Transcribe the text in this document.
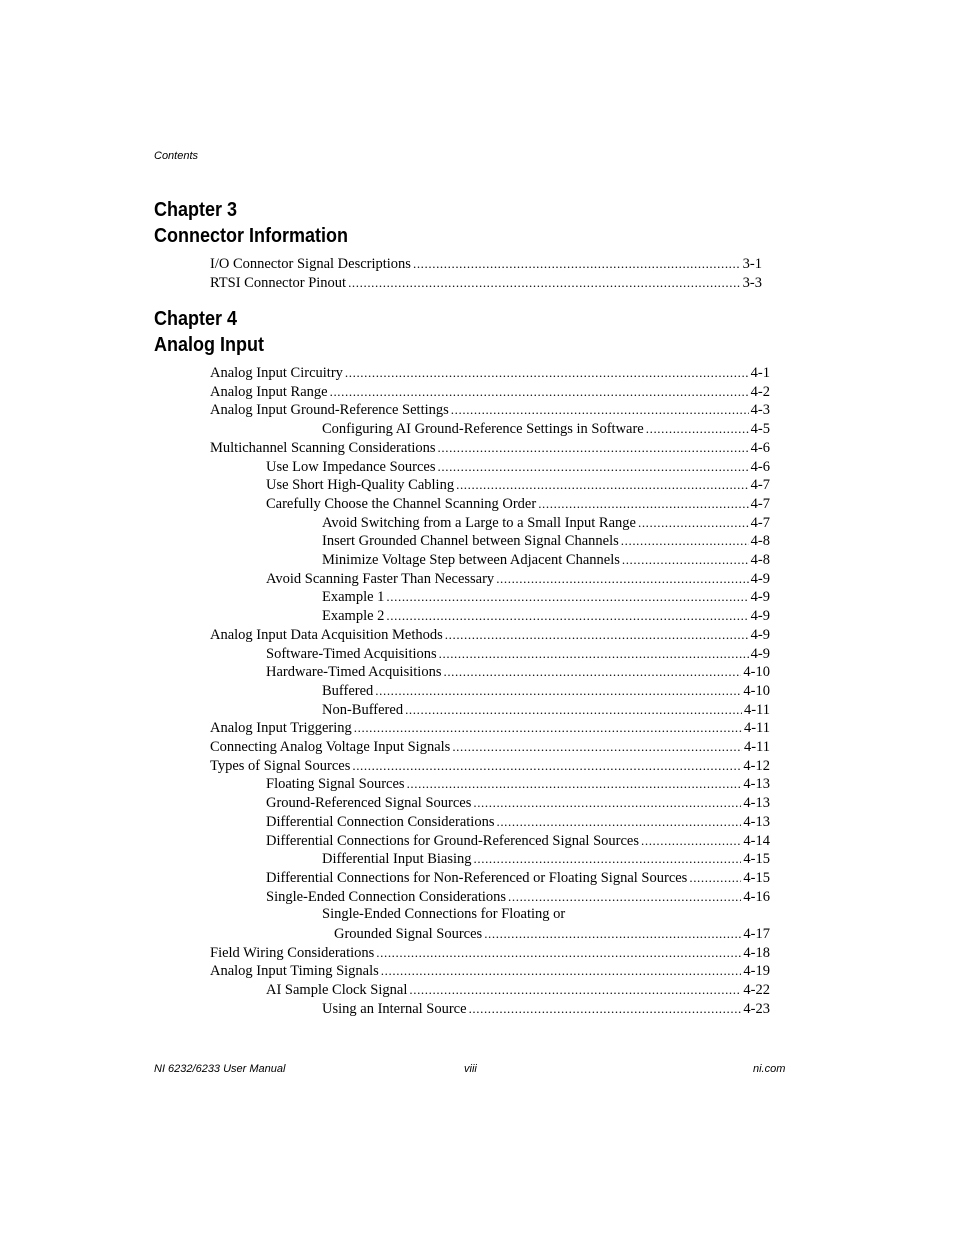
Contents
Chapter 3
Connector Information
I/O Connector Signal Descriptions .....	3-1
RTSI Connector Pinout .....	3-3
Chapter 4
Analog Input
Analog Input Circuitry .....	4-1
Analog Input Range .....	4-2
Analog Input Ground-Reference Settings .....	4-3
Configuring AI Ground-Reference Settings in Software .....	4-5
Multichannel Scanning Considerations .....	4-6
Use Low Impedance Sources .....	4-6
Use Short High-Quality Cabling .....	4-7
Carefully Choose the Channel Scanning Order .....	4-7
Avoid Switching from a Large to a Small Input Range .....	4-7
Insert Grounded Channel between Signal Channels .....	4-8
Minimize Voltage Step between Adjacent Channels .....	4-8
Avoid Scanning Faster Than Necessary .....	4-9
Example 1 .....	4-9
Example 2 .....	4-9
Analog Input Data Acquisition Methods .....	4-9
Software-Timed Acquisitions .....	4-9
Hardware-Timed Acquisitions .....	4-10
Buffered .....	4-10
Non-Buffered .....	4-11
Analog Input Triggering .....	4-11
Connecting Analog Voltage Input Signals .....	4-11
Types of Signal Sources .....	4-12
Floating Signal Sources .....	4-13
Ground-Referenced Signal Sources .....	4-13
Differential Connection Considerations .....	4-13
Differential Connections for Ground-Referenced Signal Sources .....	4-14
Differential Input Biasing .....	4-15
Differential Connections for Non-Referenced or Floating Signal Sources .....	4-15
Single-Ended Connection Considerations .....	4-16
Single-Ended Connections for Floating or
Grounded Signal Sources .....	4-17
Field Wiring Considerations .....	4-18
Analog Input Timing Signals .....	4-19
AI Sample Clock Signal .....	4-22
Using an Internal Source .....	4-23
NI 6232/6233 User Manual	viii	ni.com
